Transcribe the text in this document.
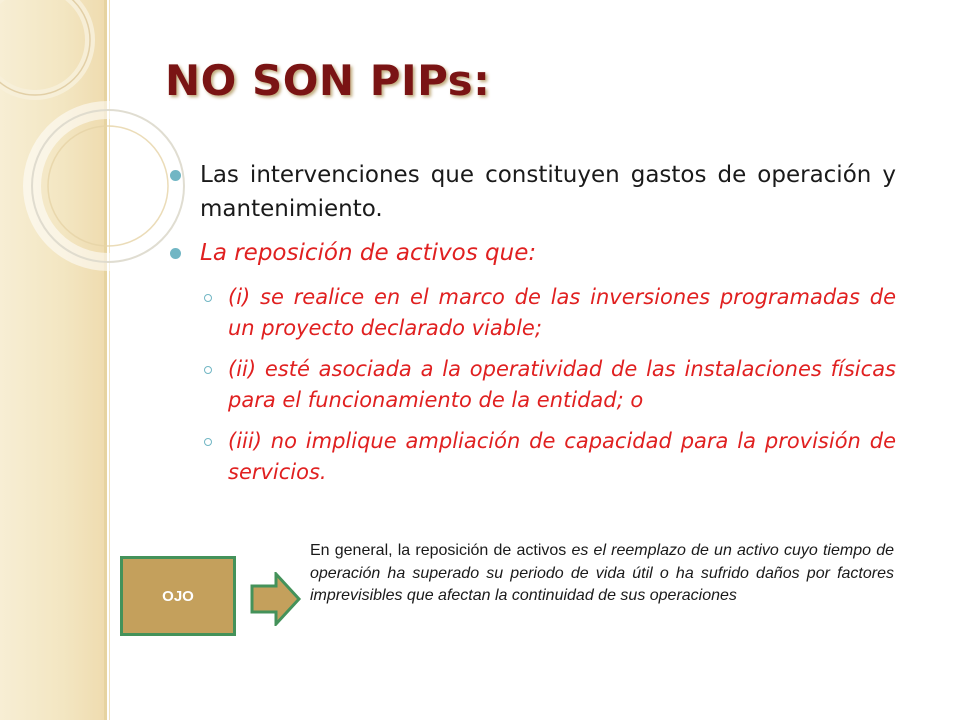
NO SON PIPs:
Las intervenciones que constituyen gastos de operación y mantenimiento.
La reposición de activos que:
(i) se realice en el marco de las inversiones programadas de un proyecto declarado viable;
(ii) esté asociada a la operatividad de las instalaciones físicas para el funcionamiento de la entidad; o
(iii) no implique ampliación de capacidad para la provisión de servicios.
OJO

En general, la reposición de activos es el reemplazo de un activo cuyo tiempo de operación ha superado su periodo de vida útil o ha sufrido daños por factores imprevisibles que afectan la continuidad de sus operaciones
